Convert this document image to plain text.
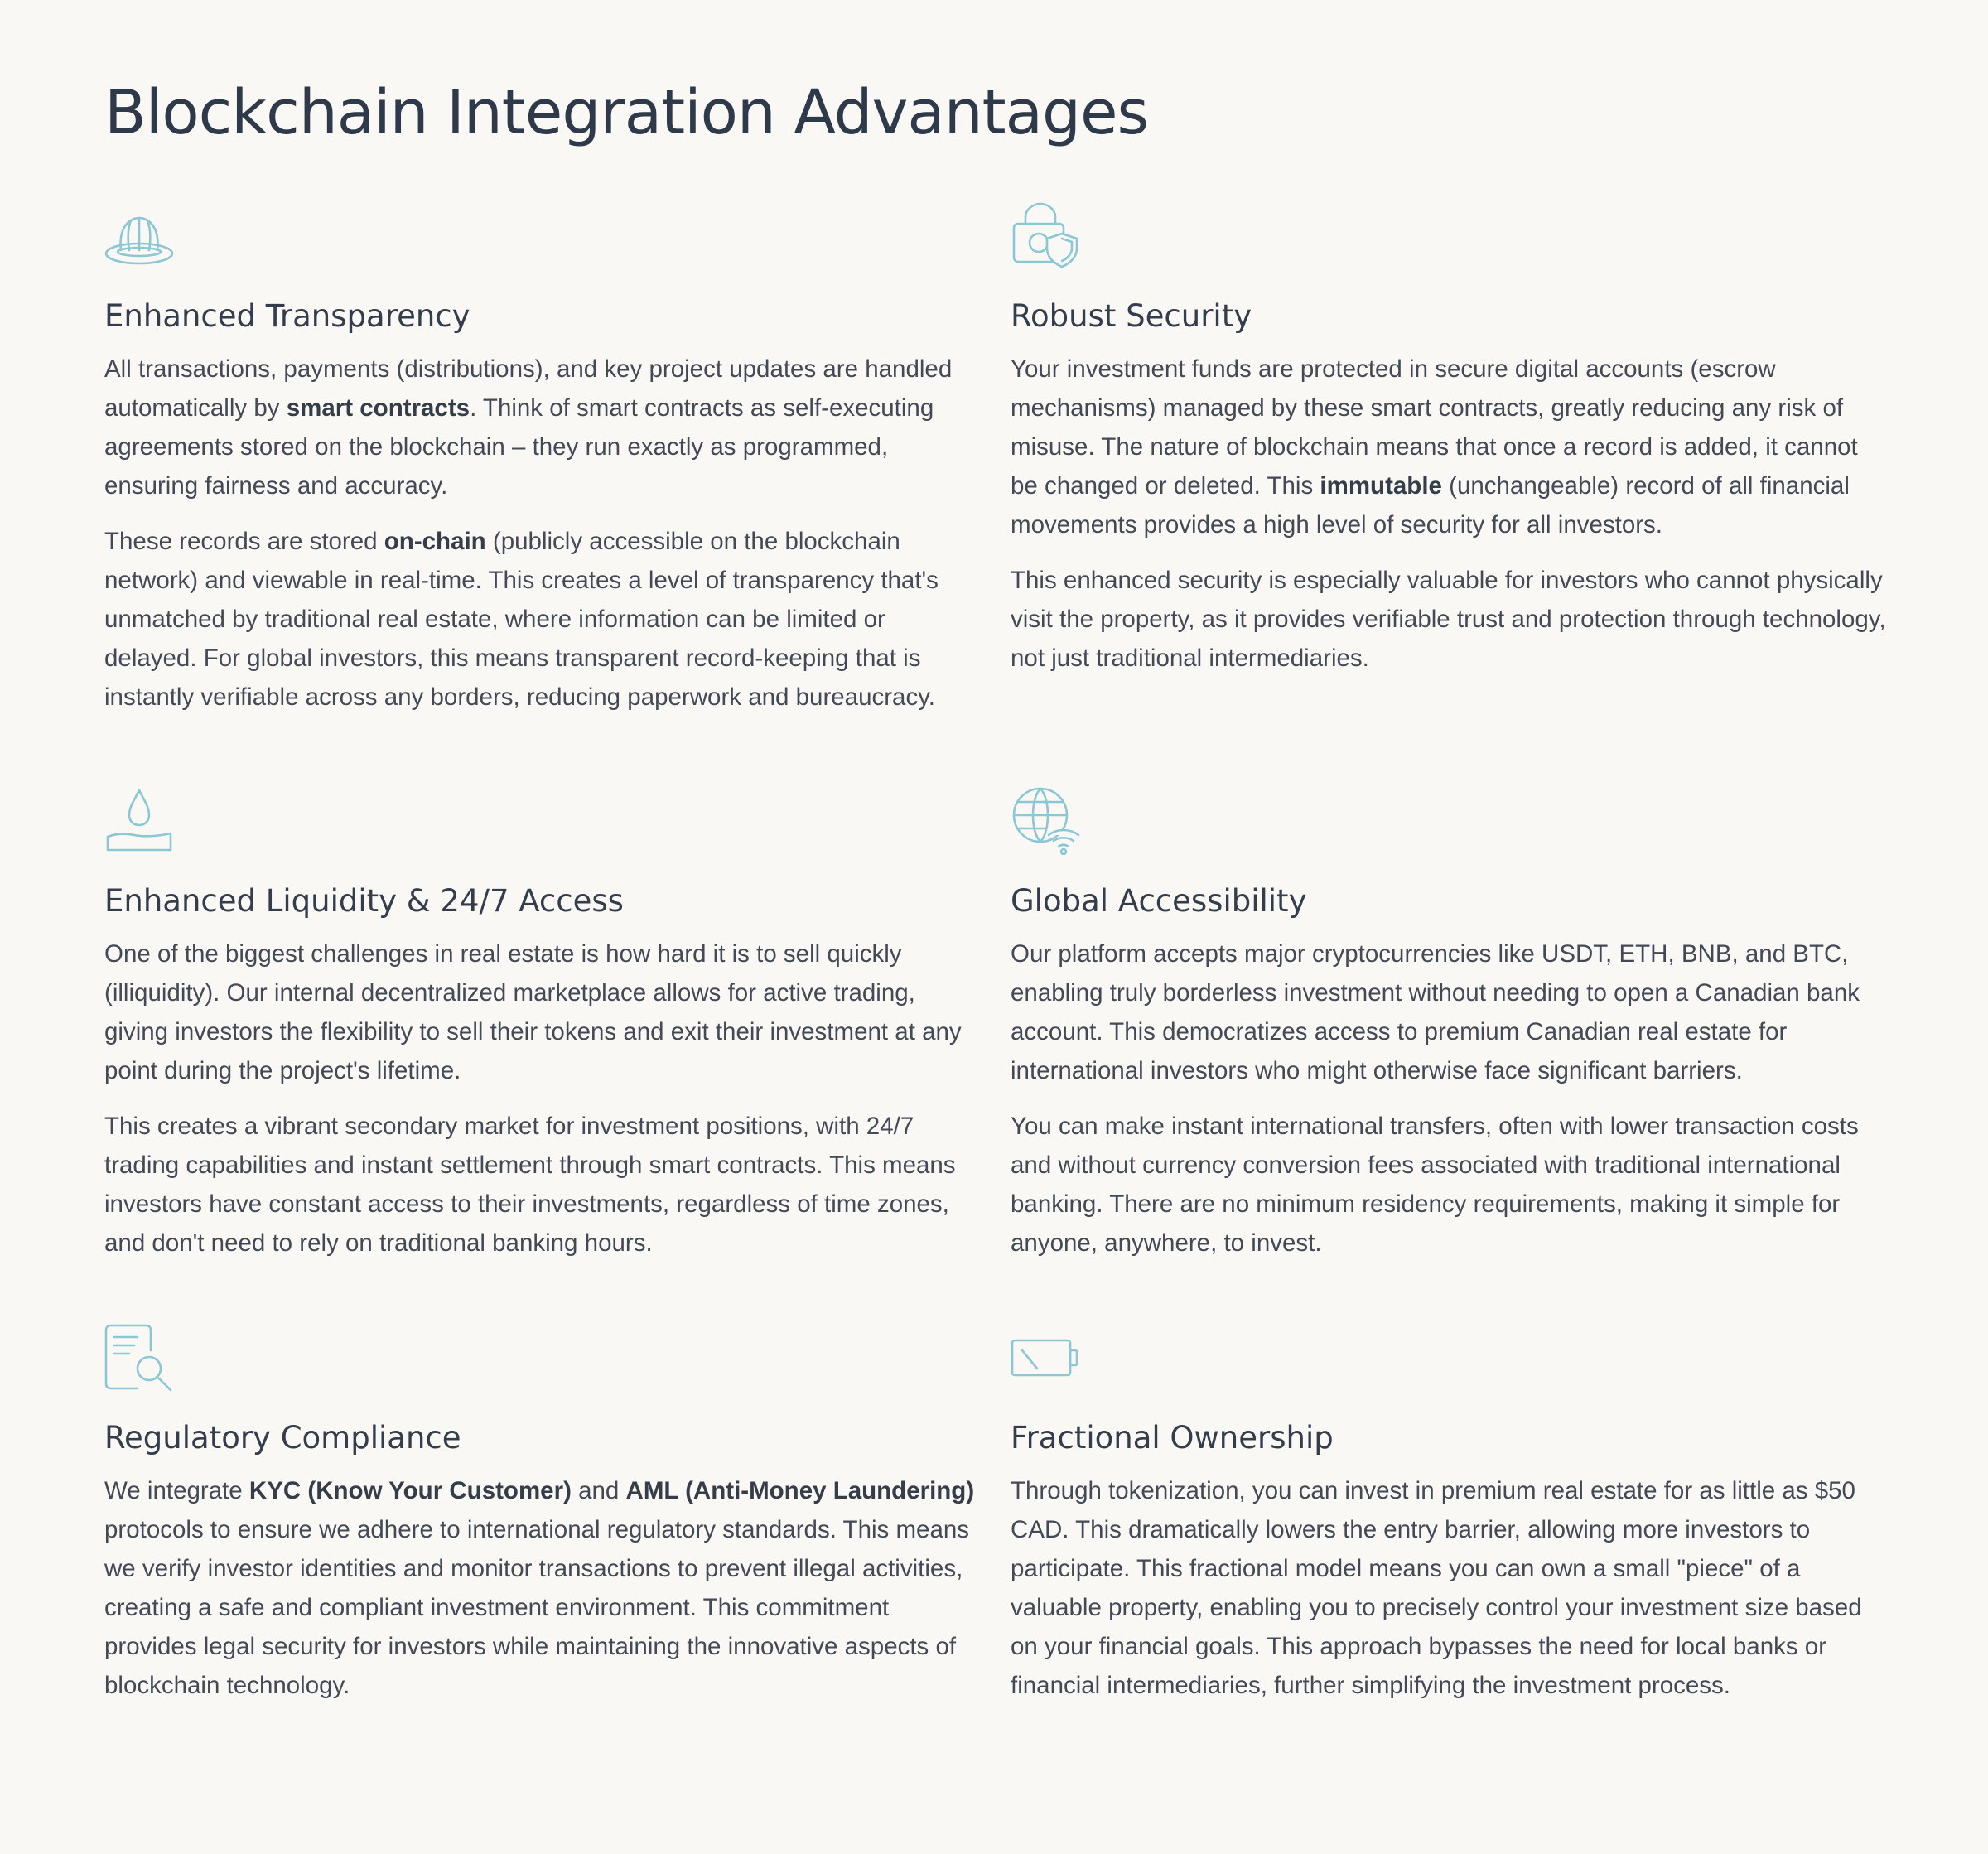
Blockchain Integration Advantages
Enhanced Transparency

All transactions, payments (distributions), and key project updates are handled automatically by smart contracts. Think of smart contracts as self-executing agreements stored on the blockchain – they run exactly as programmed, ensuring fairness and accuracy.

These records are stored on-chain (publicly accessible on the blockchain network) and viewable in real-time. This creates a level of transparency that's unmatched by traditional real estate, where information can be limited or delayed. For global investors, this means transparent record-keeping that is instantly verifiable across any borders, reducing paperwork and bureaucracy.

Robust Security

Your investment funds are protected in secure digital accounts (escrow mechanisms) managed by these smart contracts, greatly reducing any risk of misuse. The nature of blockchain means that once a record is added, it cannot be changed or deleted. This immutable (unchangeable) record of all financial movements provides a high level of security for all investors.

This enhanced security is especially valuable for investors who cannot physically visit the property, as it provides verifiable trust and protection through technology, not just traditional intermediaries.

Enhanced Liquidity & 24/7 Access

One of the biggest challenges in real estate is how hard it is to sell quickly (illiquidity). Our internal decentralized marketplace allows for active trading, giving investors the flexibility to sell their tokens and exit their investment at any point during the project's lifetime.

This creates a vibrant secondary market for investment positions, with 24/7 trading capabilities and instant settlement through smart contracts. This means investors have constant access to their investments, regardless of time zones, and don't need to rely on traditional banking hours.

Global Accessibility

Our platform accepts major cryptocurrencies like USDT, ETH, BNB, and BTC, enabling truly borderless investment without needing to open a Canadian bank account. This democratizes access to premium Canadian real estate for international investors who might otherwise face significant barriers.

You can make instant international transfers, often with lower transaction costs and without currency conversion fees associated with traditional international banking. There are no minimum residency requirements, making it simple for anyone, anywhere, to invest.

Regulatory Compliance

We integrate KYC (Know Your Customer) and AML (Anti-Money Laundering) protocols to ensure we adhere to international regulatory standards. This means we verify investor identities and monitor transactions to prevent illegal activities, creating a safe and compliant investment environment. This commitment provides legal security for investors while maintaining the innovative aspects of blockchain technology.

Fractional Ownership

Through tokenization, you can invest in premium real estate for as little as $50 CAD. This dramatically lowers the entry barrier, allowing more investors to participate. This fractional model means you can own a small "piece" of a valuable property, enabling you to precisely control your investment size based on your financial goals. This approach bypasses the need for local banks or financial intermediaries, further simplifying the investment process.
